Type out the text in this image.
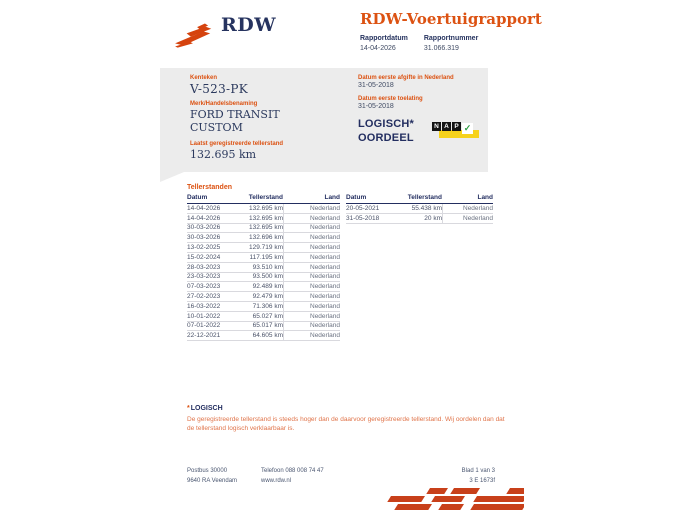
RDW	RDW-Voertuigrapport
Rapportdatum
14-04-2026
Rapportnummer
31.066.319
Kenteken
V-523-PK
Merk/Handelsbenaming
FORD TRANSIT
CUSTOM
Laatst geregistreerde tellerstand
132.695 km
Datum eerste afgifte in Nederland
31-05-2018
Datum eerste toelating
31-05-2018
LOGISCH*
OORDEEL
N A P ✓
Tellerstanden
Datum	Tellerstand	Land
14-04-2026	132.695 km	Nederland
14-04-2026	132.695 km	Nederland
30-03-2026	132.695 km	Nederland
30-03-2026	132.696 km	Nederland
13-02-2025	129.719 km	Nederland
15-02-2024	117.195 km	Nederland
28-03-2023	93.510 km	Nederland
23-03-2023	93.500 km	Nederland
07-03-2023	92.489 km	Nederland
27-02-2023	92.479 km	Nederland
16-03-2022	71.306 km	Nederland
10-01-2022	65.027 km	Nederland
07-01-2022	65.017 km	Nederland
22-12-2021	64.605 km	Nederland
Datum	Tellerstand	Land
20-05-2021	55.438 km	Nederland
31-05-2018	20 km	Nederland
*LOGISCH
De geregistreerde tellerstand is steeds hoger dan de daarvoor geregistreerde tellerstand. Wij oordelen dan dat de tellerstand logisch verklaarbaar is.
Postbus 30000
9640 RA Veendam
Telefoon 088 008 74 47
www.rdw.nl
Blad 1 van 3
3 E 1673f
